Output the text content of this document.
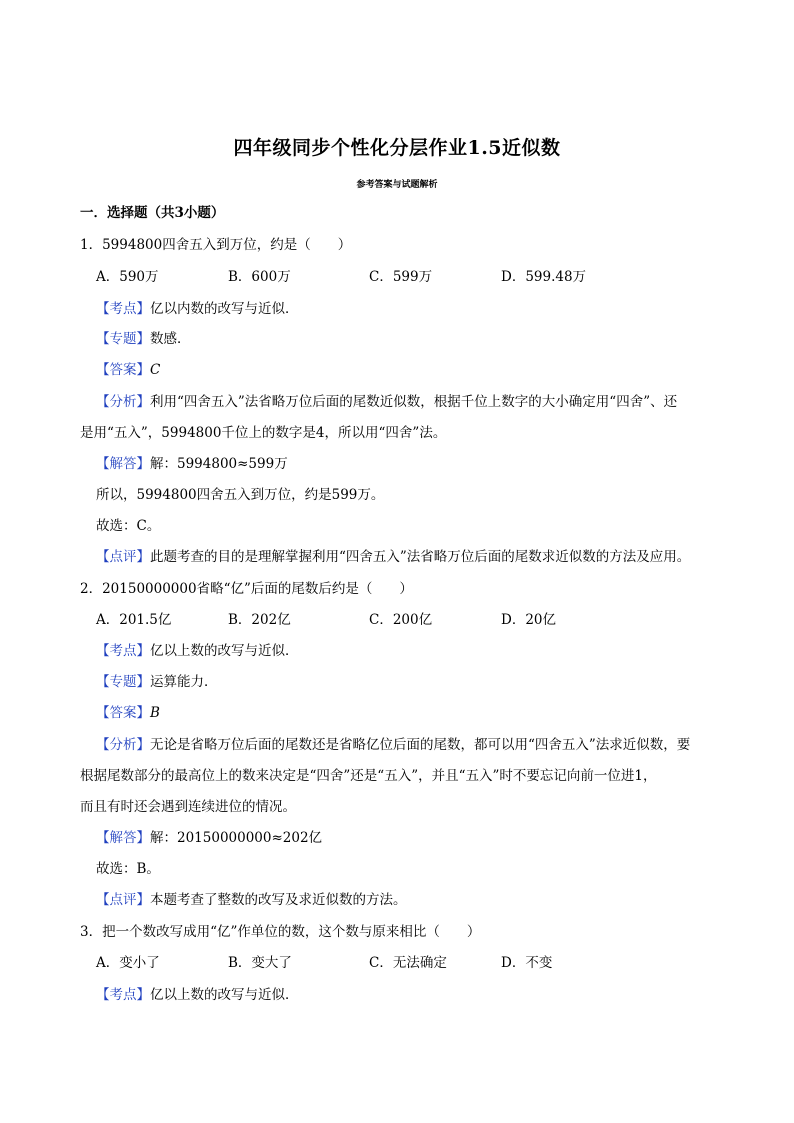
四年级同步个性化分层作业1.5近似数
参考答案与试题解析
一．选择题（共3小题）
1．5994800四舍五入到万位，约是（　　）
A．590万	B．600万	C．599万	D．599.48万
【考点】亿以内数的改写与近似．
【专题】数感．
【答案】C
【分析】利用“四舍五入”法省略万位后面的尾数近似数，根据千位上数字的大小确定用“四舍”、还
是用“五入”，5994800千位上的数字是4，所以用“四舍”法。
【解答】解：5994800≈599万
所以，5994800四舍五入到万位，约是599万。
故选：C。
【点评】此题考查的目的是理解掌握利用“四舍五入”法省略万位后面的尾数求近似数的方法及应用。
2．20150000000省略“亿”后面的尾数后约是（　　）
A．201.5亿	B．202亿	C．200亿	D．20亿
【考点】亿以上数的改写与近似．
【专题】运算能力．
【答案】B
【分析】无论是省略万位后面的尾数还是省略亿位后面的尾数，都可以用“四舍五入”法求近似数，要
根据尾数部分的最高位上的数来决定是“四舍”还是“五入”，并且“五入”时不要忘记向前一位进1，
而且有时还会遇到连续进位的情况。
【解答】解：20150000000≈202亿
故选：B。
【点评】本题考查了整数的改写及求近似数的方法。
3．把一个数改写成用“亿”作单位的数，这个数与原来相比（　　）
A．变小了	B．变大了	C．无法确定	D．不变
【考点】亿以上数的改写与近似．
